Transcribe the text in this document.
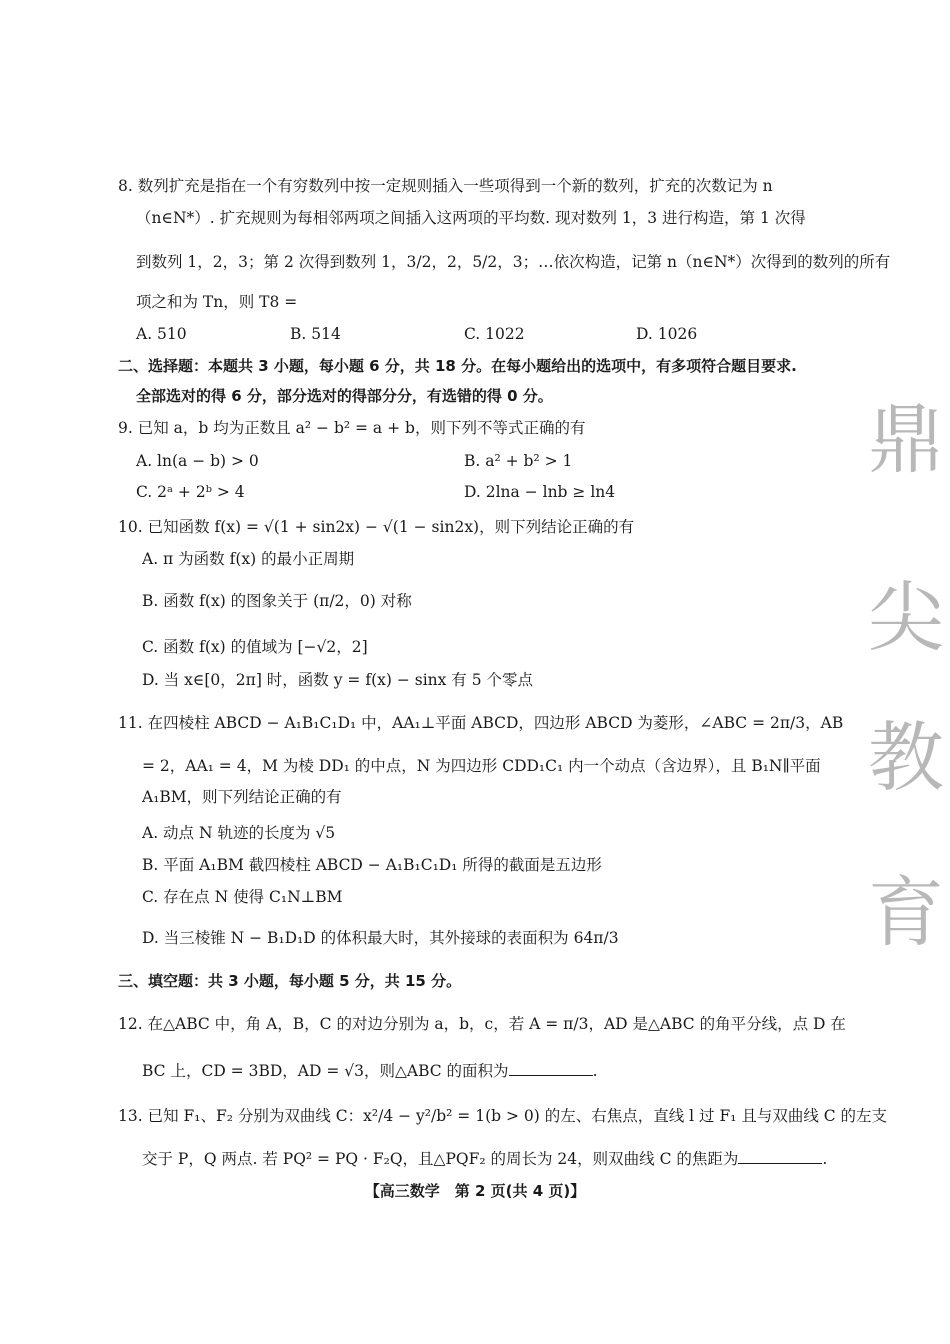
8. 数列扩充是指在一个有穷数列中按一定规则插入一些项得到一个新的数列，扩充的次数记为 n
（n∈N*）. 扩充规则为每相邻两项之间插入这两项的平均数. 现对数列 1，3 进行构造，第 1 次得
到数列 1，2，3；第 2 次得到数列 1，3/2，2，5/2，3；…依次构造，记第 n（n∈N*）次得到的数列的所有
项之和为 Tn，则 T8 =
A. 510	B. 514	C. 1022	D. 1026
二、选择题：本题共 3 小题，每小题 6 分，共 18 分。在每小题给出的选项中，有多项符合题目要求.
全部选对的得 6 分，部分选对的得部分分，有选错的得 0 分。
9. 已知 a，b 均为正数且 a² − b² = a + b，则下列不等式正确的有
A. ln(a − b) > 0	B. a² + b² > 1
C. 2ᵃ + 2ᵇ > 4	D. 2lna − lnb ≥ ln4
10. 已知函数 f(x) = √(1 + sin2x) − √(1 − sin2x)，则下列结论正确的有
A. π 为函数 f(x) 的最小正周期
B. 函数 f(x) 的图象关于 (π/2，0) 对称
C. 函数 f(x) 的值域为 [−√2，2]
D. 当 x∈[0，2π] 时，函数 y = f(x) − sinx 有 5 个零点
11. 在四棱柱 ABCD − A₁B₁C₁D₁ 中，AA₁⊥平面 ABCD，四边形 ABCD 为菱形，∠ABC = 2π/3，AB
= 2，AA₁ = 4，M 为棱 DD₁ 的中点，N 为四边形 CDD₁C₁ 内一个动点（含边界），且 B₁N∥平面
A₁BM，则下列结论正确的有
A. 动点 N 轨迹的长度为 √5
B. 平面 A₁BM 截四棱柱 ABCD − A₁B₁C₁D₁ 所得的截面是五边形
C. 存在点 N 使得 C₁N⊥BM
D. 当三棱锥 N − B₁D₁D 的体积最大时，其外接球的表面积为 64π/3
三、填空题：共 3 小题，每小题 5 分，共 15 分。
12. 在△ABC 中，角 A，B，C 的对边分别为 a，b，c，若 A = π/3，AD 是△ABC 的角平分线，点 D 在
BC 上，CD = 3BD，AD = √3，则△ABC 的面积为	.
13. 已知 F₁、F₂ 分别为双曲线 C：x²/4 − y²/b² = 1(b > 0) 的左、右焦点，直线 l 过 F₁ 且与双曲线 C 的左支
交于 P，Q 两点. 若 PQ² = PQ · F₂Q，且△PQF₂ 的周长为 24，则双曲线 C 的焦距为	.
【高三数学　第 2 页(共 4 页)】
鼎
尖
教
育
